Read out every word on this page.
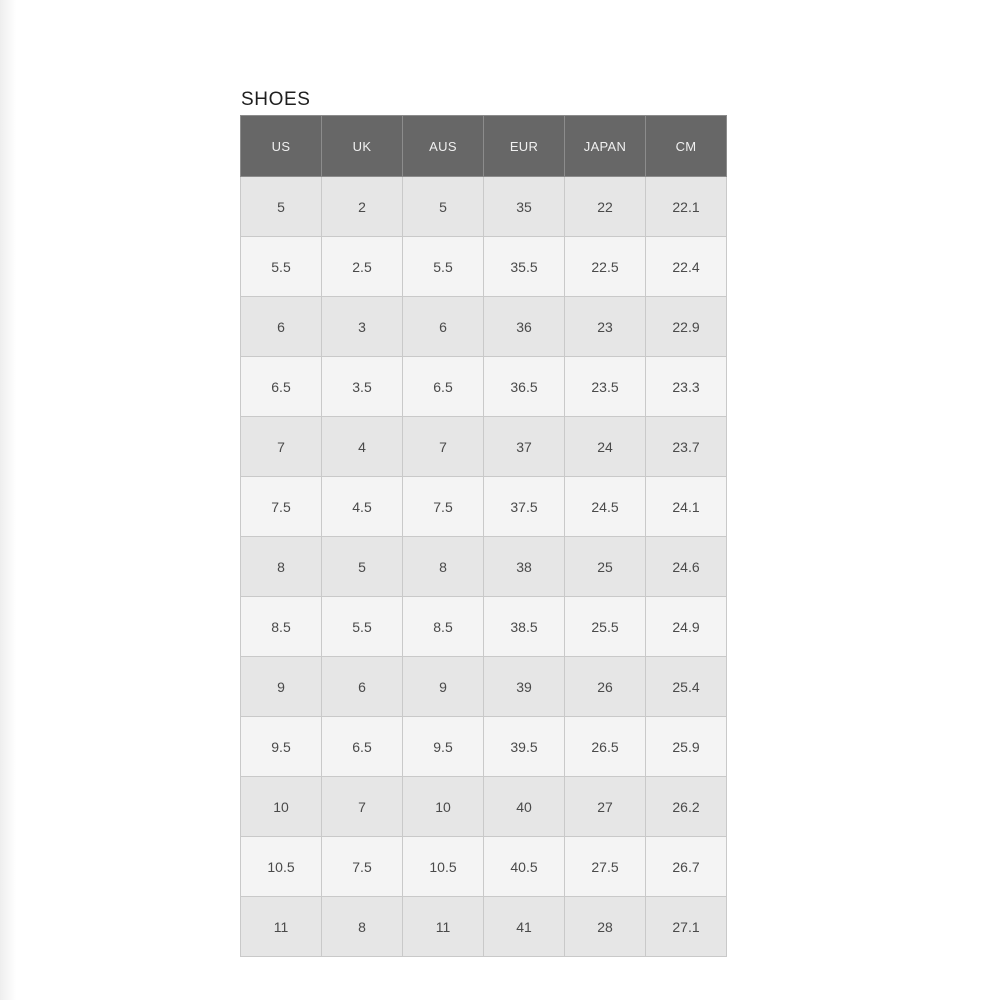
SHOES
US	UK	AUS	EUR	JAPAN	CM
5	2	5	35	22	22.1
5.5	2.5	5.5	35.5	22.5	22.4
6	3	6	36	23	22.9
6.5	3.5	6.5	36.5	23.5	23.3
7	4	7	37	24	23.7
7.5	4.5	7.5	37.5	24.5	24.1
8	5	8	38	25	24.6
8.5	5.5	8.5	38.5	25.5	24.9
9	6	9	39	26	25.4
9.5	6.5	9.5	39.5	26.5	25.9
10	7	10	40	27	26.2
10.5	7.5	10.5	40.5	27.5	26.7
11	8	11	41	28	27.1
